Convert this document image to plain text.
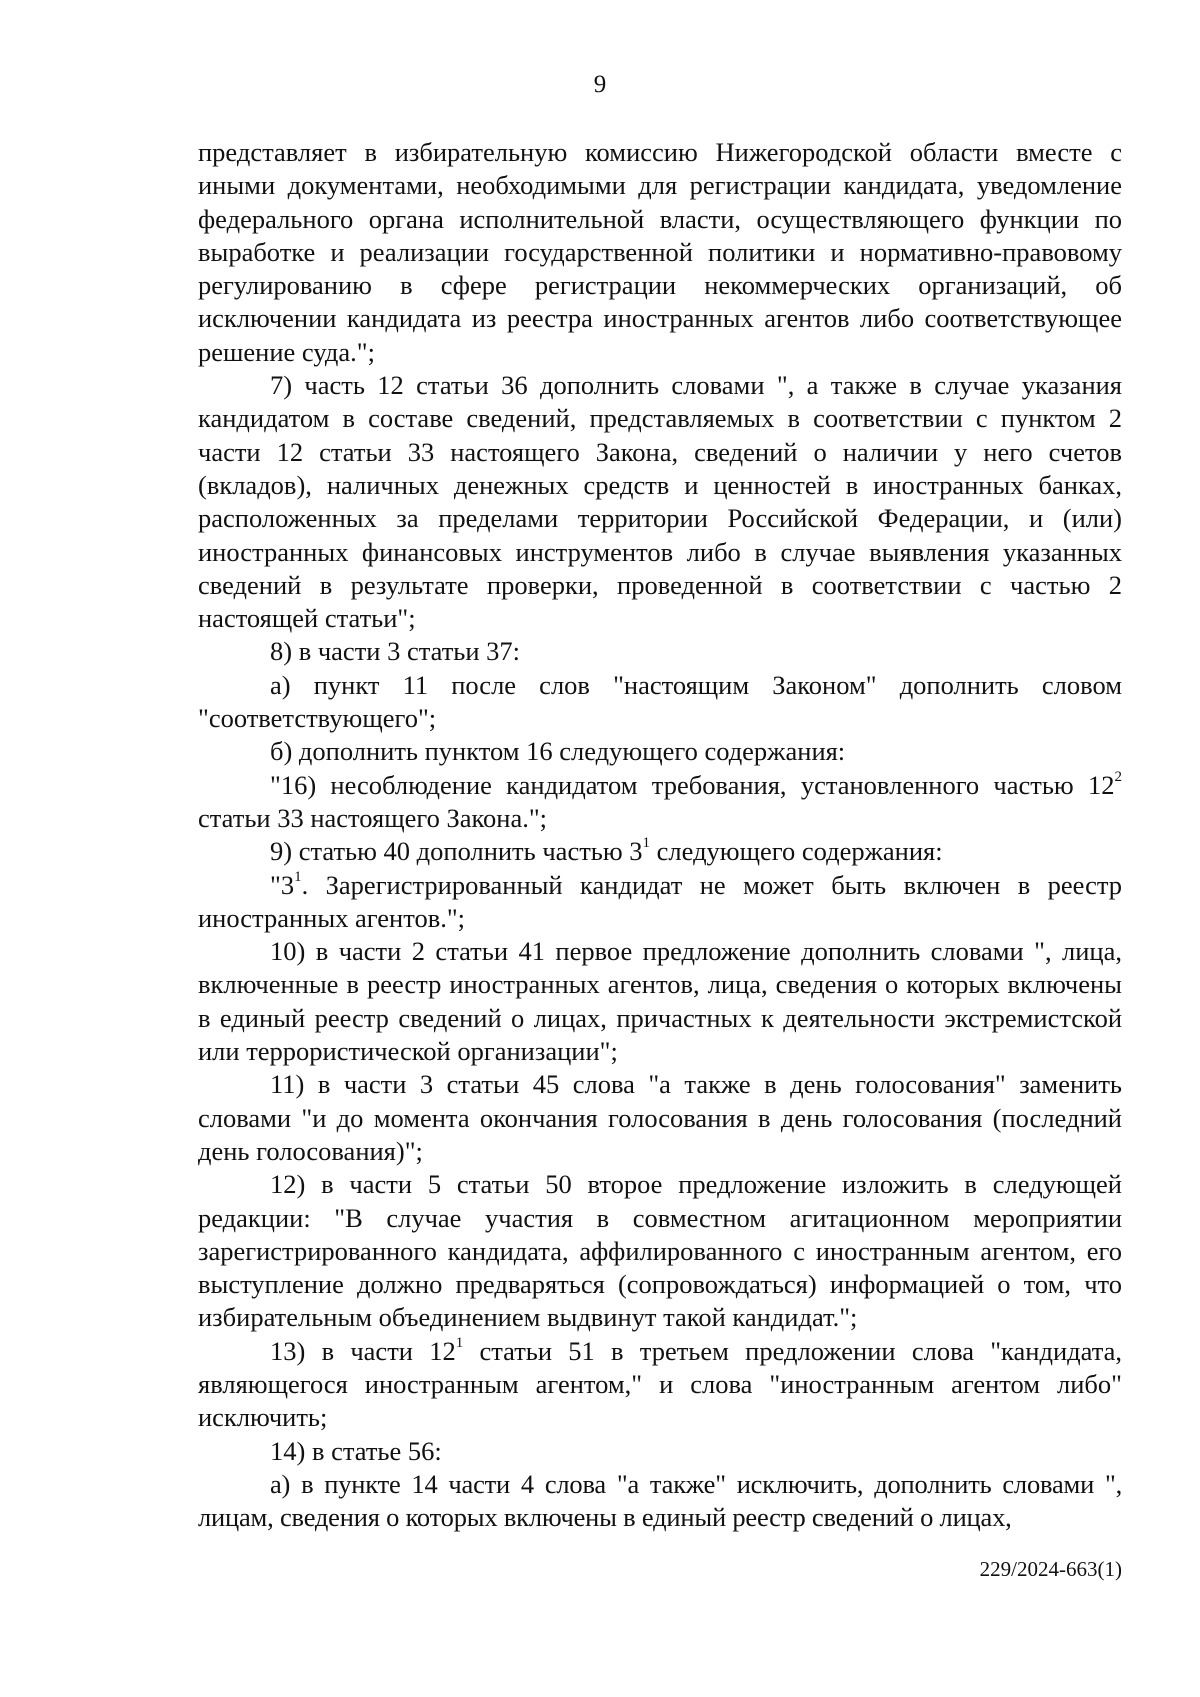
9

представляет в избирательную комиссию Нижегородской области вместе с иными документами, необходимыми для регистрации кандидата, уведомление федерального органа исполнительной власти, осуществляющего функции по выработке и реализации государственной политики и нормативно-правовому регулированию в сфере регистрации некоммерческих организаций, об исключении кандидата из реестра иностранных агентов либо соответствующее решение суда.";

7) часть 12 статьи 36 дополнить словами ", а также в случае указания кандидатом в составе сведений, представляемых в соответствии с пунктом 2 части 12 статьи 33 настоящего Закона, сведений о наличии у него счетов (вкладов), наличных денежных средств и ценностей в иностранных банках, расположенных за пределами территории Российской Федерации, и (или) иностранных финансовых инструментов либо в случае выявления указанных сведений в результате проверки, проведенной в соответствии с частью 2 настоящей статьи";

8) в части 3 статьи 37:

а) пункт 11 после слов "настоящим Законом" дополнить словом "соответствующего";

б) дополнить пунктом 16 следующего содержания:

"16) несоблюдение кандидатом требования, установленного частью $12^2$ статьи 33 настоящего Закона.";

9) статью 40 дополнить частью $3^1$ следующего содержания:

"$3^1$. Зарегистрированный кандидат не может быть включен в реестр иностранных агентов.";

10) в части 2 статьи 41 первое предложение дополнить словами ", лица, включенные в реестр иностранных агентов, лица, сведения о которых включены в единый реестр сведений о лицах, причастных к деятельности экстремистской или террористической организации";

11) в части 3 статьи 45 слова "а также в день голосования" заменить словами "и до момента окончания голосования в день голосования (последний день голосования)";

12) в части 5 статьи 50 второе предложение изложить в следующей редакции: "В случае участия в совместном агитационном мероприятии зарегистрированного кандидата, аффилированного с иностранным агентом, его выступление должно предваряться (сопровождаться) информацией о том, что избирательным объединением выдвинут такой кандидат.";

13) в части $12^1$ статьи 51 в третьем предложении слова "кандидата, являющегося иностранным агентом," и слова "иностранным агентом либо" исключить;

14) в статье 56:

а) в пункте 14 части 4 слова "а также" исключить, дополнить словами ", лицам, сведения о которых включены в единый реестр сведений о лицах,

229/2024-663(1)
